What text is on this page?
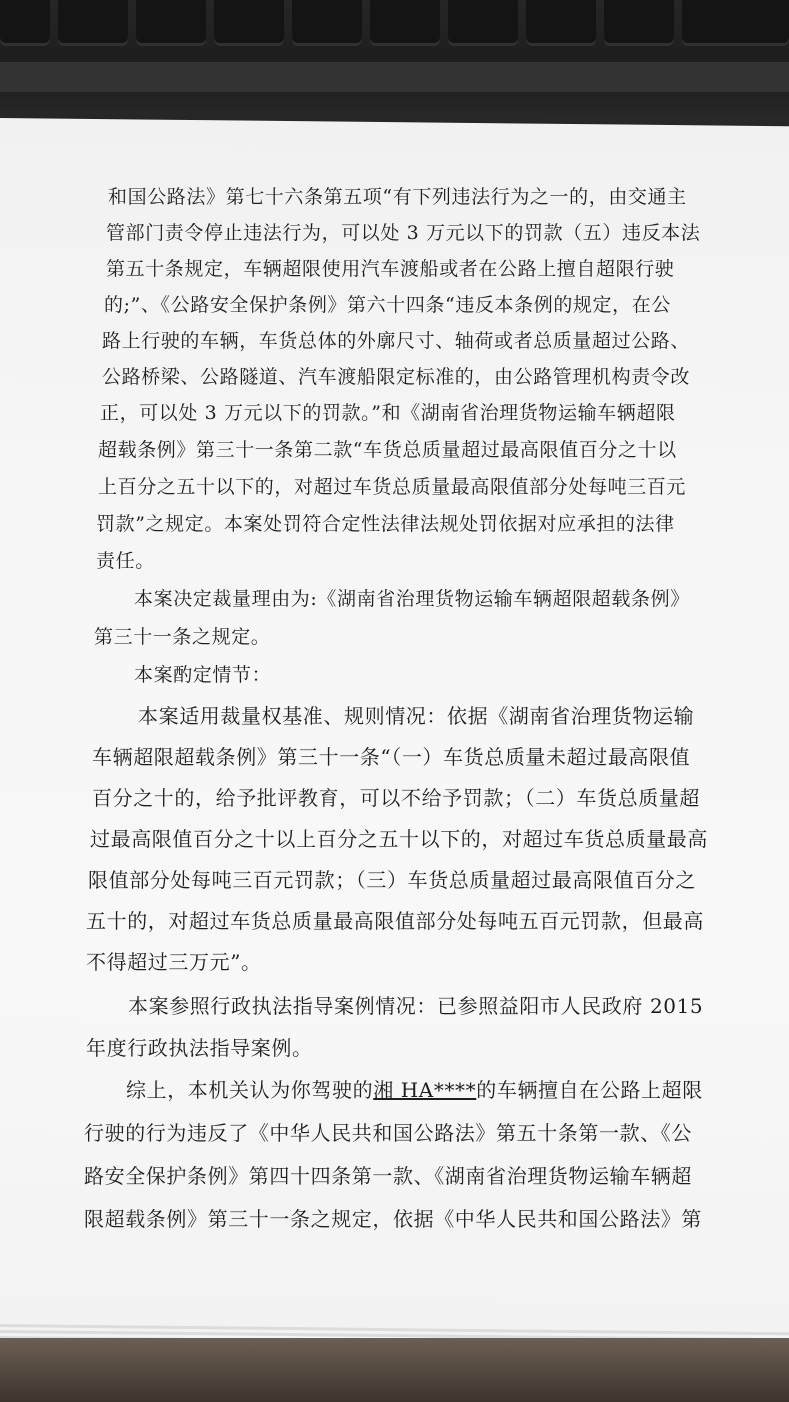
和国公路法》第七十六条第五项“有下列违法行为之一的，由交通主
管部门责令停止违法行为，可以处 3 万元以下的罚款（五）违反本法
第五十条规定，车辆超限使用汽车渡船或者在公路上擅自超限行驶
的;”、《公路安全保护条例》第六十四条“违反本条例的规定，在公
路上行驶的车辆，车货总体的外廓尺寸、轴荷或者总质量超过公路、
公路桥梁、公路隧道、汽车渡船限定标准的，由公路管理机构责令改
正，可以处 3 万元以下的罚款。”和《湖南省治理货物运输车辆超限
超载条例》第三十一条第二款“车货总质量超过最高限值百分之十以
上百分之五十以下的，对超过车货总质量最高限值部分处每吨三百元
罚款”之规定。本案处罚符合定性法律法规处罚依据对应承担的法律
责任。
本案决定裁量理由为:《湖南省治理货物运输车辆超限超载条例》
第三十一条之规定。
本案酌定情节：
本案适用裁量权基准、规则情况：依据《湖南省治理货物运输
车辆超限超载条例》第三十一条“（一）车货总质量未超过最高限值
百分之十的，给予批评教育，可以不给予罚款；（二）车货总质量超
过最高限值百分之十以上百分之五十以下的，对超过车货总质量最高
限值部分处每吨三百元罚款；（三）车货总质量超过最高限值百分之
五十的，对超过车货总质量最高限值部分处每吨五百元罚款，但最高
不得超过三万元”。
本案参照行政执法指导案例情况：已参照益阳市人民政府 2015
年度行政执法指导案例。
综上，本机关认为你驾驶的湘 HA****的车辆擅自在公路上超限
行驶的行为违反了《中华人民共和国公路法》第五十条第一款、《公
路安全保护条例》第四十四条第一款、《湖南省治理货物运输车辆超
限超载条例》第三十一条之规定，依据《中华人民共和国公路法》第
